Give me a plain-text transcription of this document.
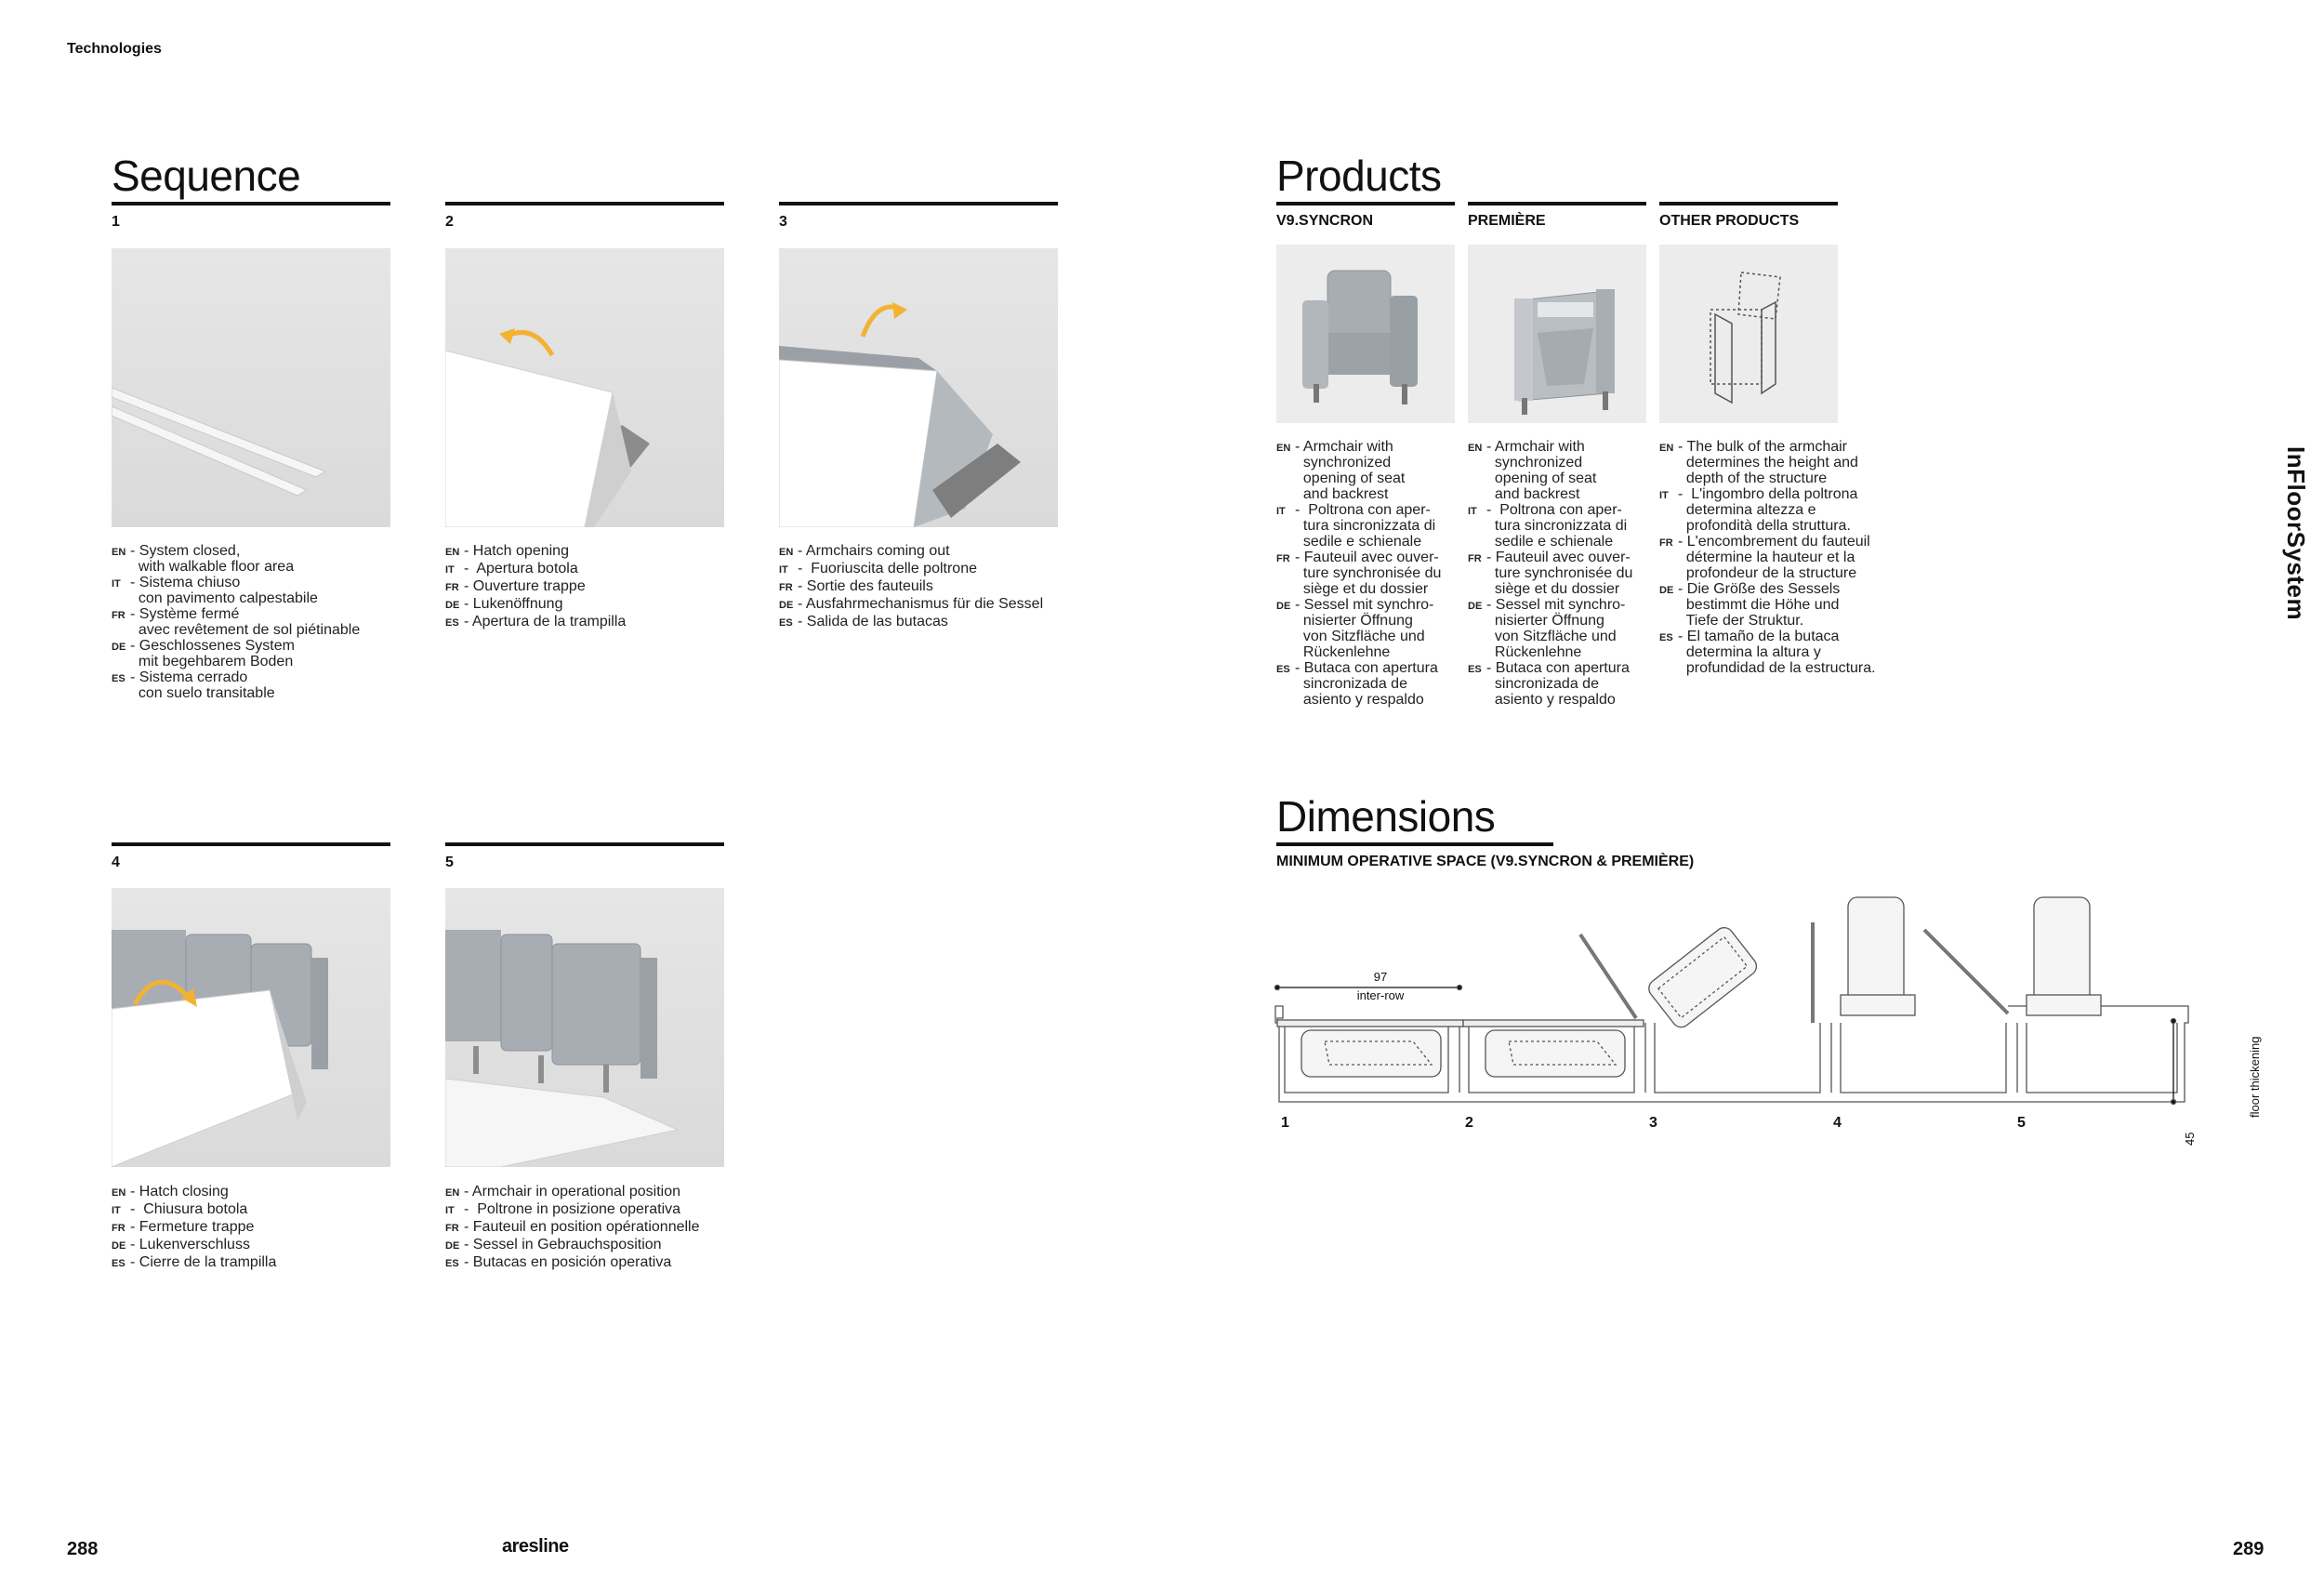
Technologies
288	aresline	289
InFloorSystem
Sequence
1
EN - System closed,
with walkable floor area
IT - Sistema chiuso
con pavimento calpestabile
FR - Système fermé
avec revêtement de sol piétinable
DE - Geschlossenes System
mit begehbarem Boden
ES - Sistema cerrado
con suelo transitable
2
EN - Hatch opening
IT -  Apertura botola
FR - Ouverture trappe
DE - Lukenöffnung
ES - Apertura de la trampilla
3
EN - Armchairs coming out
IT -  Fuoriuscita delle poltrone
FR - Sortie des fauteuils
DE - Ausfahrmechanismus für die Sessel
ES - Salida de las butacas
4
EN - Hatch closing
IT -  Chiusura botola
FR - Fermeture trappe
DE - Lukenverschluss
ES - Cierre de la trampilla
5
EN - Armchair in operational position
IT -  Poltrone in posizione operativa
FR - Fauteuil en position opérationnelle
DE - Sessel in Gebrauchsposition
ES - Butacas en posición operativa
Products
V9.SYNCRON
EN - Armchair with
synchronized
opening of seat
and backrest
IT -  Poltrona con aper-
tura sincronizzata di
sedile e schienale
FR - Fauteuil avec ouver-
ture synchronisée du
siège et du dossier
DE - Sessel mit synchro-
nisierter Öffnung
von Sitzfläche und
Rückenlehne
ES - Butaca con apertura
sincronizada de
asiento y respaldo
PREMIÈRE
EN - Armchair with
synchronized
opening of seat
and backrest
IT -  Poltrona con aper-
tura sincronizzata di
sedile e schienale
FR - Fauteuil avec ouver-
ture synchronisée du
siège et du dossier
DE - Sessel mit synchro-
nisierter Öffnung
von Sitzfläche und
Rückenlehne
ES - Butaca con apertura
sincronizada de
asiento y respaldo
OTHER PRODUCTS
EN - The bulk of the armchair
determines the height and
depth of the structure
IT -  L'ingombro della poltrona
determina altezza e
profondità della struttura.
FR - L'encombrement du fauteuil
détermine la hauteur et la
profondeur de la structure
DE - Die Größe des Sessels
bestimmt die Höhe und
Tiefe der Struktur.
ES - El tamaño de la butaca
determina la altura y
profundidad de la estructura.
Dimensions
MINIMUM OPERATIVE SPACE (V9.SYNCRON & PREMIÈRE)
97
inter-row
45
floor thickening
1	2	3	4	5
